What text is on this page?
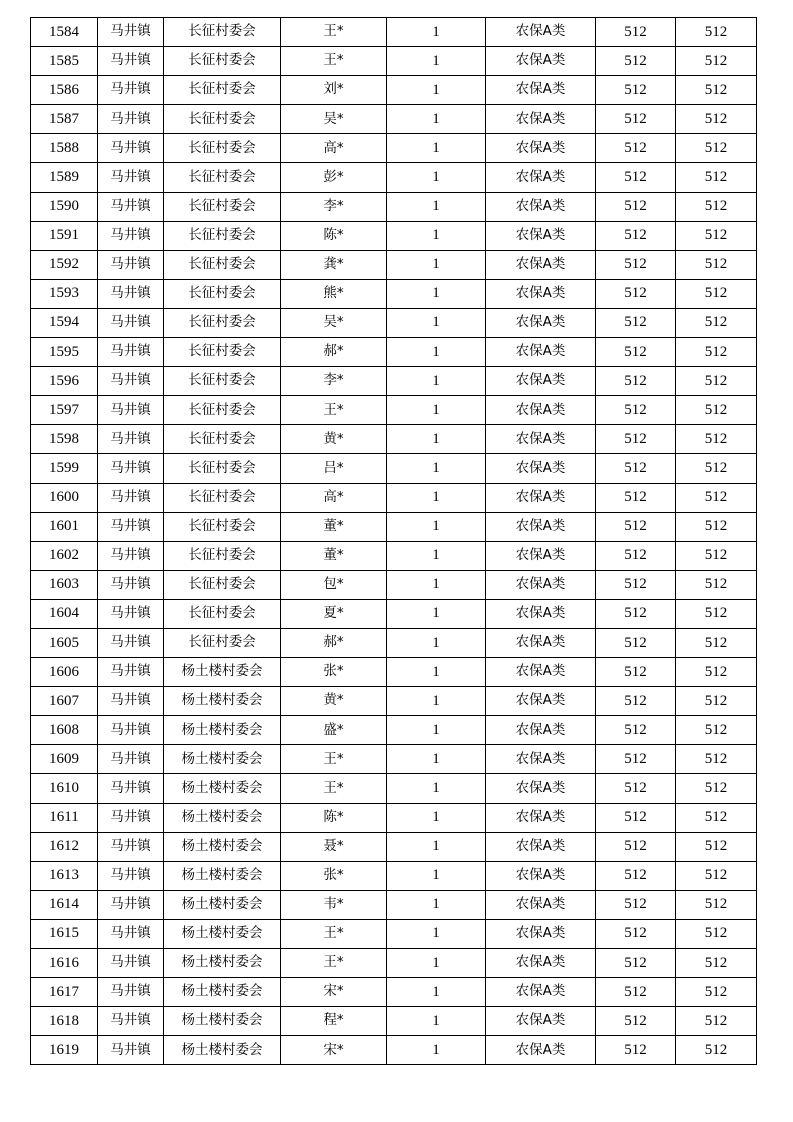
1584	马井镇	长征村委会	王*	1	农保A类	512	512
1585	马井镇	长征村委会	王*	1	农保A类	512	512
1586	马井镇	长征村委会	刘*	1	农保A类	512	512
1587	马井镇	长征村委会	吴*	1	农保A类	512	512
1588	马井镇	长征村委会	高*	1	农保A类	512	512
1589	马井镇	长征村委会	彭*	1	农保A类	512	512
1590	马井镇	长征村委会	李*	1	农保A类	512	512
1591	马井镇	长征村委会	陈*	1	农保A类	512	512
1592	马井镇	长征村委会	龚*	1	农保A类	512	512
1593	马井镇	长征村委会	熊*	1	农保A类	512	512
1594	马井镇	长征村委会	吴*	1	农保A类	512	512
1595	马井镇	长征村委会	郝*	1	农保A类	512	512
1596	马井镇	长征村委会	李*	1	农保A类	512	512
1597	马井镇	长征村委会	王*	1	农保A类	512	512
1598	马井镇	长征村委会	黄*	1	农保A类	512	512
1599	马井镇	长征村委会	吕*	1	农保A类	512	512
1600	马井镇	长征村委会	高*	1	农保A类	512	512
1601	马井镇	长征村委会	董*	1	农保A类	512	512
1602	马井镇	长征村委会	董*	1	农保A类	512	512
1603	马井镇	长征村委会	包*	1	农保A类	512	512
1604	马井镇	长征村委会	夏*	1	农保A类	512	512
1605	马井镇	长征村委会	郝*	1	农保A类	512	512
1606	马井镇	杨土楼村委会	张*	1	农保A类	512	512
1607	马井镇	杨土楼村委会	黄*	1	农保A类	512	512
1608	马井镇	杨土楼村委会	盛*	1	农保A类	512	512
1609	马井镇	杨土楼村委会	王*	1	农保A类	512	512
1610	马井镇	杨土楼村委会	王*	1	农保A类	512	512
1611	马井镇	杨土楼村委会	陈*	1	农保A类	512	512
1612	马井镇	杨土楼村委会	聂*	1	农保A类	512	512
1613	马井镇	杨土楼村委会	张*	1	农保A类	512	512
1614	马井镇	杨土楼村委会	韦*	1	农保A类	512	512
1615	马井镇	杨土楼村委会	王*	1	农保A类	512	512
1616	马井镇	杨土楼村委会	王*	1	农保A类	512	512
1617	马井镇	杨土楼村委会	宋*	1	农保A类	512	512
1618	马井镇	杨土楼村委会	程*	1	农保A类	512	512
1619	马井镇	杨土楼村委会	宋*	1	农保A类	512	512
